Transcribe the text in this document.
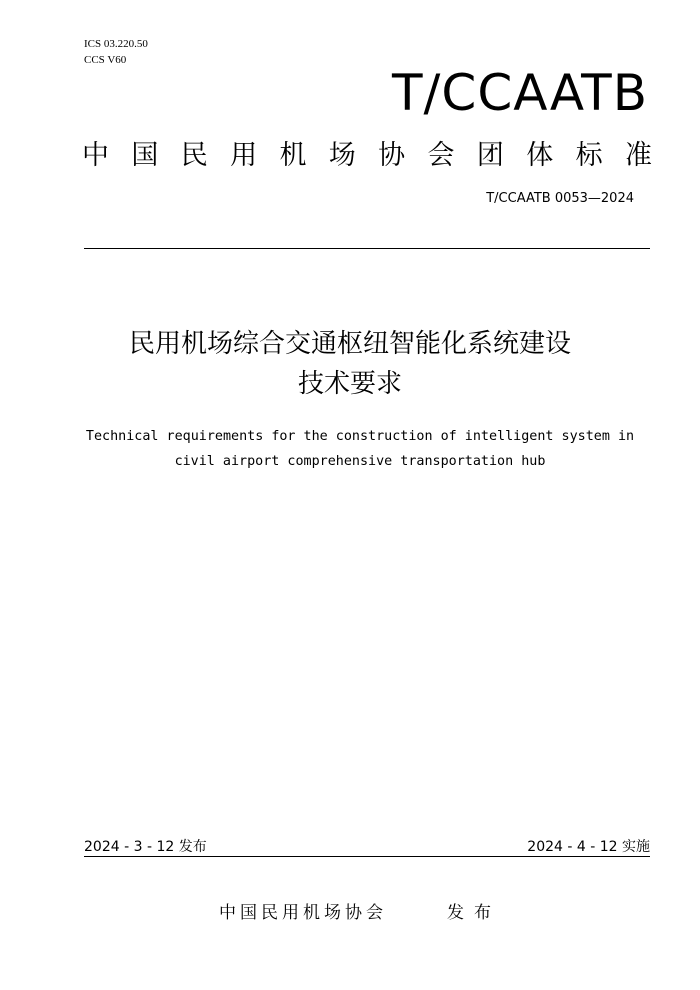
ICS 03.220.50
CCS V60
T/CCAATB
中 国 民 用 机 场 协 会 团 体 标 准
T/CCAATB 0053—2024
民用机场综合交通枢纽智能化系统建设
技术要求
Technical requirements for the construction of intelligent system in
civil airport comprehensive transportation hub
2024 - 3 - 12 发布	2024 - 4 - 12 实施
中国民用机场协会	发布
